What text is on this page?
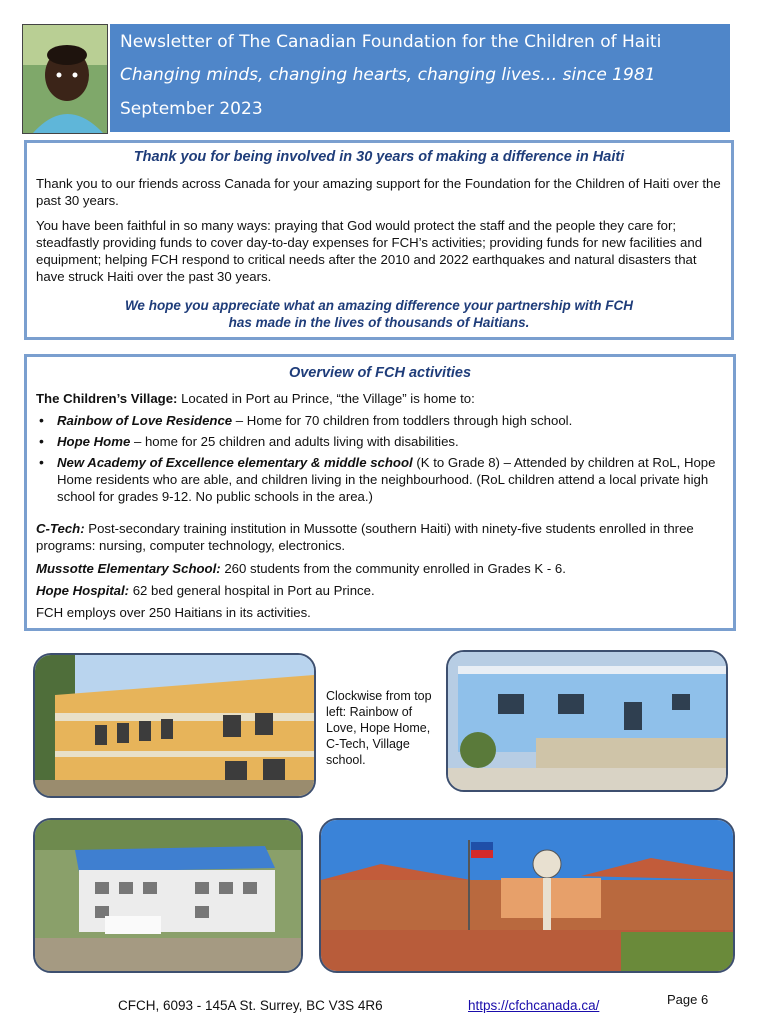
Newsletter of The Canadian Foundation for the Children of Haiti
Changing minds, changing hearts, changing lives… since 1981
September 2023
Thank you for being involved in 30 years of making a difference in Haiti
Thank you to our friends across Canada for your amazing support for the Foundation for the Children of Haiti over the past 30 years.
You have been faithful in so many ways: praying that God would protect the staff and the people they care for; steadfastly providing funds to cover day-to-day expenses for FCH’s activities; providing funds for new facilities and equipment; helping FCH respond to critical needs after the 2010 and 2022 earthquakes and natural disasters that have struck Haiti over the past 30 years.
We hope you appreciate what an amazing difference your partnership with FCH
has made in the lives of thousands of Haitians.
Overview of FCH activities
The Children’s Village: Located in Port au Prince, “the Village” is home to:
• Rainbow of Love Residence – Home for 70 children from toddlers through high school.
• Hope Home – home for 25 children and adults living with disabilities.
• New Academy of Excellence elementary & middle school (K to Grade 8) – Attended by children at RoL, Hope Home residents who are able, and children living in the neighbourhood. (RoL children attend a local private high school for grades 9-12. No public schools in the area.)
C-Tech: Post-secondary training institution in Mussotte (southern Haiti) with ninety-five students enrolled in three programs: nursing, computer technology, electronics.
Mussotte Elementary School: 260 students from the community enrolled in Grades K - 6.
Hope Hospital: 62 bed general hospital in Port au Prince.
FCH employs over 250 Haitians in its activities.
Clockwise from top left: Rainbow of Love, Hope Home, C-Tech, Village school.
CFCH, 6093 - 145A St. Surrey, BC V3S 4R6	https://cfchcanada.ca/	Page 6
